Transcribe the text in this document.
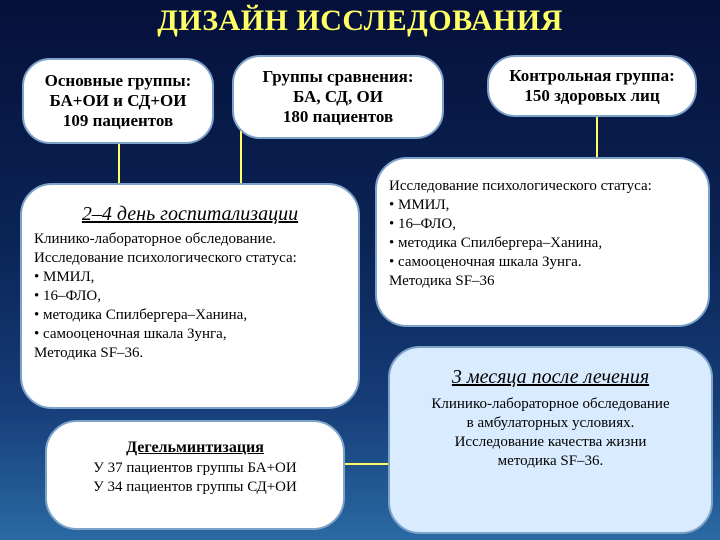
ДИЗАЙН ИССЛЕДОВАНИЯ
Основные группы:
БА+ОИ и СД+ОИ
109 пациентов
Группы сравнения:
БА, СД, ОИ
180 пациентов
Контрольная группа:
150 здоровых лиц
2–4 день госпитализации
Клинико-лабораторное обследование.
Исследование психологического статуса:
• ММИЛ,
• 16–ФЛО,
• методика Спилбергера–Ханина,
• самооценочная шкала Зунга,
Методика SF–36.
Исследование психологического статуса:
• ММИЛ,
• 16–ФЛО,
• методика Спилбергера–Ханина,
• самооценочная шкала Зунга.
Методика SF–36
Дегельминтизация
У 37 пациентов группы БА+ОИ
У 34 пациентов группы СД+ОИ
3 месяца после лечения
Клинико-лабораторное обследование
в амбулаторных условиях.
Исследование качества жизни
методика SF–36.
